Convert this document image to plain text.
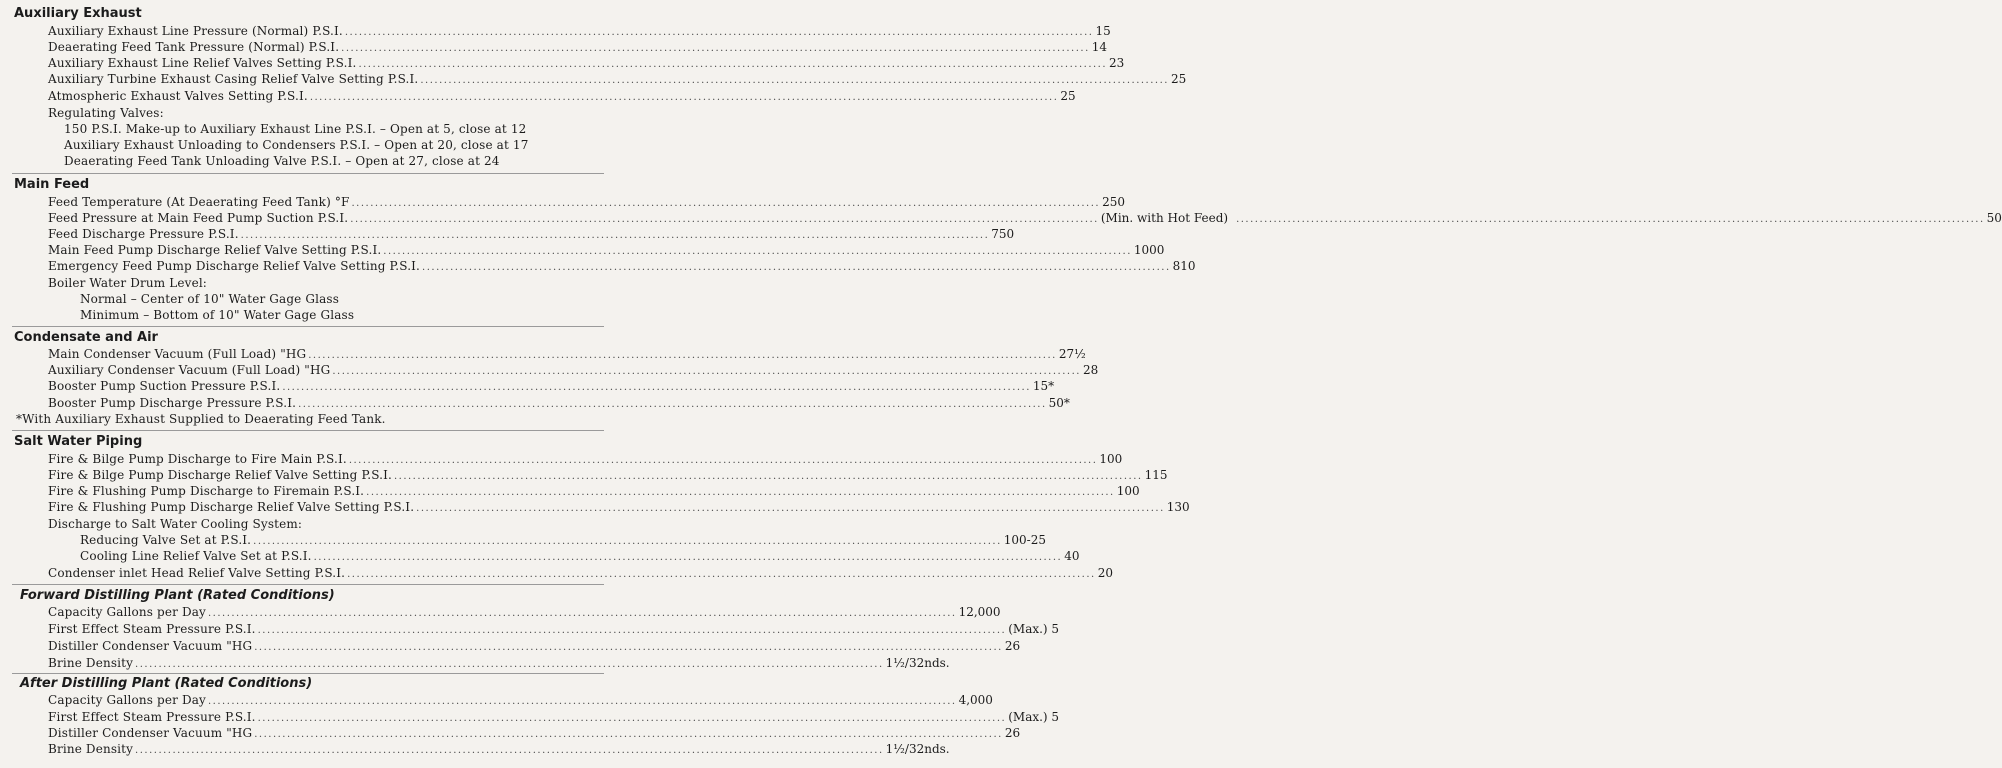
Auxiliary Exhaust
Auxiliary Exhaust Line Pressure (Normal) P.S.I. ................................................................................................................................................................ 15
Deaerating Feed Tank Pressure (Normal) P.S.I. ................................................................................................................................................................ 14
Auxiliary Exhaust Line Relief Valves Setting P.S.I. ................................................................................................................................................................ 23
Auxiliary Turbine Exhaust Casing Relief Valve Setting P.S.I. ................................................................................................................................................................ 25
Atmospheric Exhaust Valves Setting P.S.I. ................................................................................................................................................................ 25
Regulating Valves:
150 P.S.I. Make-up to Auxiliary Exhaust Line P.S.I. – Open at 5, close at 12
Auxiliary Exhaust Unloading to Condensers P.S.I. – Open at 20, close at 17
Deaerating Feed Tank Unloading Valve P.S.I. – Open at 27, close at 24
Main Feed
Feed Temperature (At Deaerating Feed Tank) °F ................................................................................................................................................................ 250
Feed Pressure at Main Feed Pump Suction P.S.I. ................................................................................................................................................................ (Min. with Hot Feed) ................................................................................................................................................................ 50
Feed Discharge Pressure P.S.I. ................................................................................................................................................................ 750
Main Feed Pump Discharge Relief Valve Setting P.S.I. ................................................................................................................................................................ 1000
Emergency Feed Pump Discharge Relief Valve Setting P.S.I. ................................................................................................................................................................ 810
Boiler Water Drum Level:
Normal – Center of 10" Water Gage Glass
Minimum – Bottom of 10" Water Gage Glass
Condensate and Air
Main Condenser Vacuum (Full Load) "HG ................................................................................................................................................................ 27½
Auxiliary Condenser Vacuum (Full Load) "HG ................................................................................................................................................................ 28
Booster Pump Suction Pressure P.S.I. ................................................................................................................................................................ 15*
Booster Pump Discharge Pressure P.S.I. ................................................................................................................................................................ 50*
*With Auxiliary Exhaust Supplied to Deaerating Feed Tank.
Salt Water Piping
Fire & Bilge Pump Discharge to Fire Main P.S.I. ................................................................................................................................................................ 100
Fire & Bilge Pump Discharge Relief Valve Setting P.S.I. ................................................................................................................................................................ 115
Fire & Flushing Pump Discharge to Firemain P.S.I. ................................................................................................................................................................ 100
Fire & Flushing Pump Discharge Relief Valve Setting P.S.I. ................................................................................................................................................................ 130
Discharge to Salt Water Cooling System:
Reducing Valve Set at P.S.I. ................................................................................................................................................................ 100-25
Cooling Line Relief Valve Set at P.S.I. ................................................................................................................................................................ 40
Condenser inlet Head Relief Valve Setting P.S.I. ................................................................................................................................................................ 20
Forward Distilling Plant (Rated Conditions)
Capacity Gallons per Day ................................................................................................................................................................ 12,000
First Effect Steam Pressure P.S.I. ................................................................................................................................................................ (Max.) 5
Distiller Condenser Vacuum "HG ................................................................................................................................................................ 26
Brine Density ................................................................................................................................................................ 1½/32nds.
After Distilling Plant (Rated Conditions)
Capacity Gallons per Day ................................................................................................................................................................ 4,000
First Effect Steam Pressure P.S.I. ................................................................................................................................................................ (Max.) 5
Distiller Condenser Vacuum "HG ................................................................................................................................................................ 26
Brine Density ................................................................................................................................................................ 1½/32nds.
